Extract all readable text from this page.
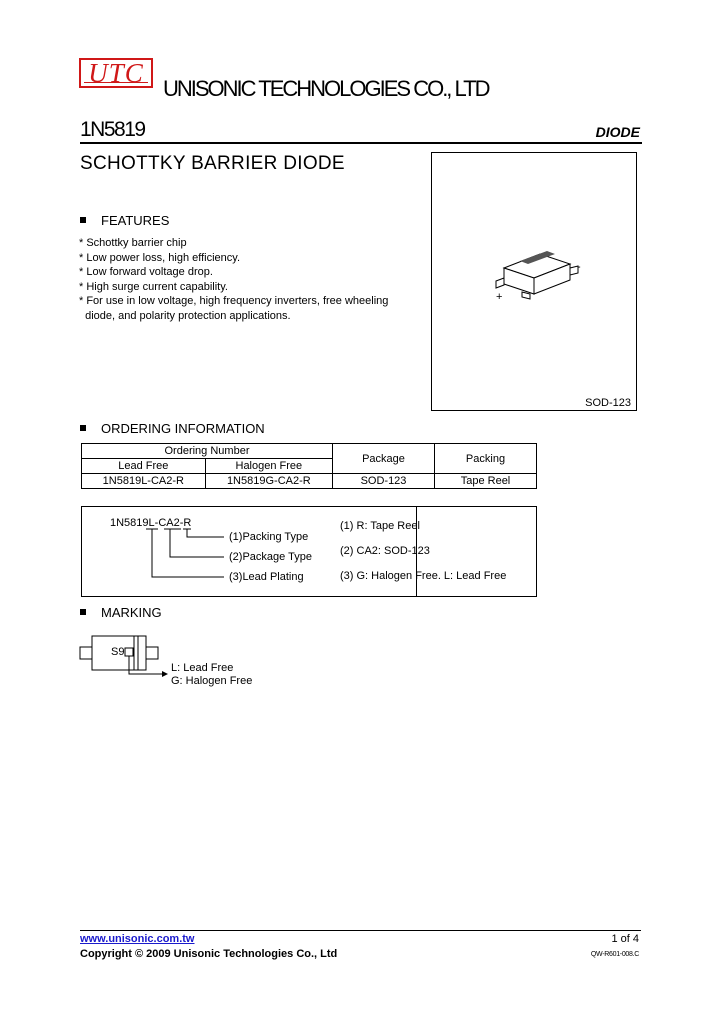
UTC
UNISONIC TECHNOLOGIES CO., LTD
1N5819	DIODE
SCHOTTKY BARRIER DIODE
FEATURES
* Schottky barrier chip
* Low power loss, high efficiency.
* Low forward voltage drop.
* High surge current capability.
* For use in low voltage, high frequency inverters, free wheeling
diode, and polarity protection applications.
+
-
SOD-123
ORDERING INFORMATION
Ordering Number		Package	Packing
Lead Free	Halogen Free		
1N5819L-CA2-R	1N5819G-CA2-R	SOD-123	Tape Reel
1N5819L-CA2-R
(1)Packing Type
(2)Package Type
(3)Lead Plating
(1) R: Tape Reel
(2) CA2: SOD-123
(3) G: Halogen Free. L: Lead Free
MARKING
S9
L: Lead Free
G: Halogen Free
www.unisonic.com.tw	1 of 4
Copyright © 2009 Unisonic Technologies Co., Ltd	QW-R601-008.C
